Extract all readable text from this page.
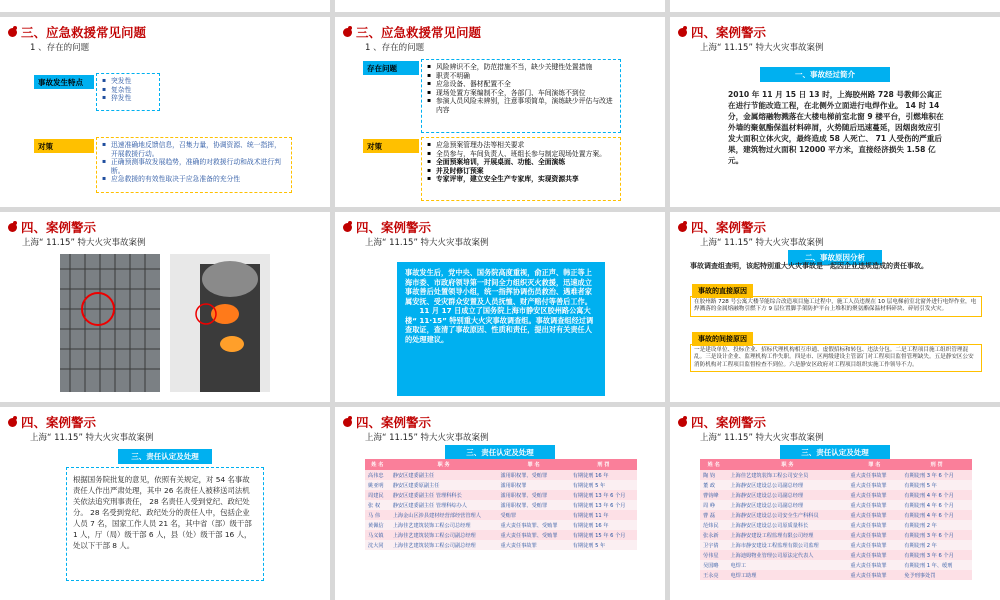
三、应急救援常见问题
1 、存在的问题
事故发生特点	▪ 突发性
▪ 复杂性
▪ 猝发性
对策	▪ 迅速准确地反馈信息，召集力量，协调资源、统一指挥，开展救援行动。
▪ 正确预测事故发展趋势，准确的对救援行动和战术进行判断。
▪ 应急救援的有效性取决于应急准备的充分性
三、应急救援常见问题
1 、存在的问题
存在问题	▪ 风险辨识不全，防范措施不当，缺少关键性处置措施
▪ 职责不明确
▪ 应急设备、器材配置不全
▪ 现场处置方案编制不全，各部门、车间演练不到位
▪ 参演人员风险未辨别，注意事项简单，演练缺少评估与改进内容
对策	▪ 应急预案管理办法等相关要求
▪ 全员参与，车间负责人、班组长参与制定现场处置方案。
▪ 全面预案培训，开展桌面、功能、全面演练
▪ 并及时修订预案
▪ 专家评审，建立安全生产专家库，实现资源共享
四、案例警示
上海“ 11.15” 特大火灾事故案例
一、事故经过简介
2010 年 11 月 15 日 13 时，上海胶州路 728 号教师公寓正在进行节能改造工程，在北侧外立面进行电焊作业。 14 时 14 分，金属熔融物溅落在大楼电梯前室北窗 9 楼平台，引燃堆积在外墙的聚氨酯保温材料碎屑，火势随后迅速蔓延，因烟囱效应引发大面积立体火灾，最终造成 58 人死亡、 71 人受伤的严重后果，建筑物过火面积 12000 平方米，直接经济损失 1.58 亿元。
四、案例警示
上海“ 11.15” 特大火灾事故案例
四、案例警示
上海“ 11.15” 特大火灾事故案例
事故发生后，党中央、国务院高度重视，俞正声、韩正等上海市委、市政府领导第一时间全力组织灭火救援，迅速成立事故善后处置领导小组，统一指挥协调伤员救治、遇难者家属安抚、受灾群众安置及人员抚恤、财产赔付等善后工作。
11 月 17 日成立了国务院上海市静安区胶州路公寓大楼“ 11·15” 特别重大火灾事故调查组。事故调查组经过调查取证，查清了事故原因、性质和责任，提出对有关责任人的处理建议。
四、案例警示
上海“ 11.15” 特大火灾事故案例
二、事故原因分析
事故调查组查明，该起特别重大火灾事故是一起因企业违规造成的责任事故。
事故的直接原因
在胶州路 728 号公寓大楼节能综合改造项目施工过程中，施工人员违规在 10 层电梯前室北窗外进行电焊作业，电焊溅落的金属熔融物引燃下方 9 层位置脚手架防护平台上堆积的聚氨酯保温材料碎块、碎屑引发火灾。
事故的间接原因
一是建设单位、投标企业、招标代理机构相互串通、虚假招标和转包、违法分包。二是工程项目施工组织管理混乱。三是设计企业、监理机构工作失职。四是市、区两级建设主管部门对工程项目监督管理缺失。五是静安区公安消防机构对工程项目监督检查不到位。六是静安区政府对工程项目组织实施工作领导不力。
四、案例警示
上海“ 11.15” 特大火灾事故案例
三、责任认定及处理
根据国务院批复的意见，依照有关规定，对 54 名事故责任人作出严肃处理，其中 26 名责任人被移送司法机关依法追究刑事责任， 28 名责任人受到党纪、政纪处分。 28 名受到党纪、政纪处分的责任人中，包括企业人员 7 名，国家工作人员 21 名，其中省（部）级干部 1 人，厅（局）级干部 6 人，县（处）级干部 16 人，处以下干部 8 人。
四、案例警示
上海“ 11.15” 特大火灾事故案例
三、责任认定及处理
姓 名	职 务	罪 名	刑 罚
高伟忠	静安区建委副主任	滥用职权罪、受贿罪	有期徒刑 16 年
姚亚明	静安区建委原副主任	滥用职权罪	有期徒刑 5 年
周建民	静安区建委副主任 管理科科长	滥用职权罪、受贿罪	有期徒刑 13 年 6 个月
张 权	静安区建委副主任 管理科综办人	滥用职权罪、受贿罪	有期徒刑 13 年 6 个月
马 伟	上海金山区涉县建材经营部经营管理人	受贿罪	有期徒刑 11 年
黄佩信	上海佳艺建筑装饰工程公司总经理	重大责任事故罪、受贿罪	有期徒刑 16 年
马义镇	上海佳艺建筑装饰工程公司副总经理	重大责任事故罪、受贿罪	有期徒刑 15 年 6 个月
沈大同	上海佳艺建筑装饰工程公司副总经理	重大责任事故罪	有期徒刑 5 年
四、案例警示
上海“ 11.15” 特大火灾事故案例
三、责任认定及处理
姓 名	职 务	罪 名	刑 罚
陶 钧	上海佳艺建筑装饰工程公司安全员	重大责任事故罪	有期徒刑 3 年 6 个月
董 政	上海静安区建设总公司副总经理	重大责任事故罪	有期徒刑 5 年
曹钧峰	上海静安区建设总公司副总经理	重大责任事故罪	有期徒刑 4 年 6 个月
周 峥	上海静安区建设总公司副总经理	重大责任事故罪	有期徒刑 4 年 6 个月
曹 磊	上海静安区建设总公司安全生产科科员	重大责任事故罪	有期徒刑 4 年 6 个月
范炜民	上海静安区建设总公司原质量科长	重大责任事故罪	有期徒刑 2 年
张永新	上海静安建设工程监理有限公司经理	重大责任事故罪	有期徒刑 3 年 6 个月
卫宇倩	上海市静安建设工程监理有限公司监理	重大责任事故罪	有期徒刑 2 年
劳伟星	上海迪姆物业管理公司原法定代表人	重大责任事故罪	有期徒刑 3 年 6 个月
吴国略	电焊工	重大责任事故罪	有期徒刑 1 年、缓刑
王永亮	电焊工助理	重大责任事故罪	免予刑事处罚
